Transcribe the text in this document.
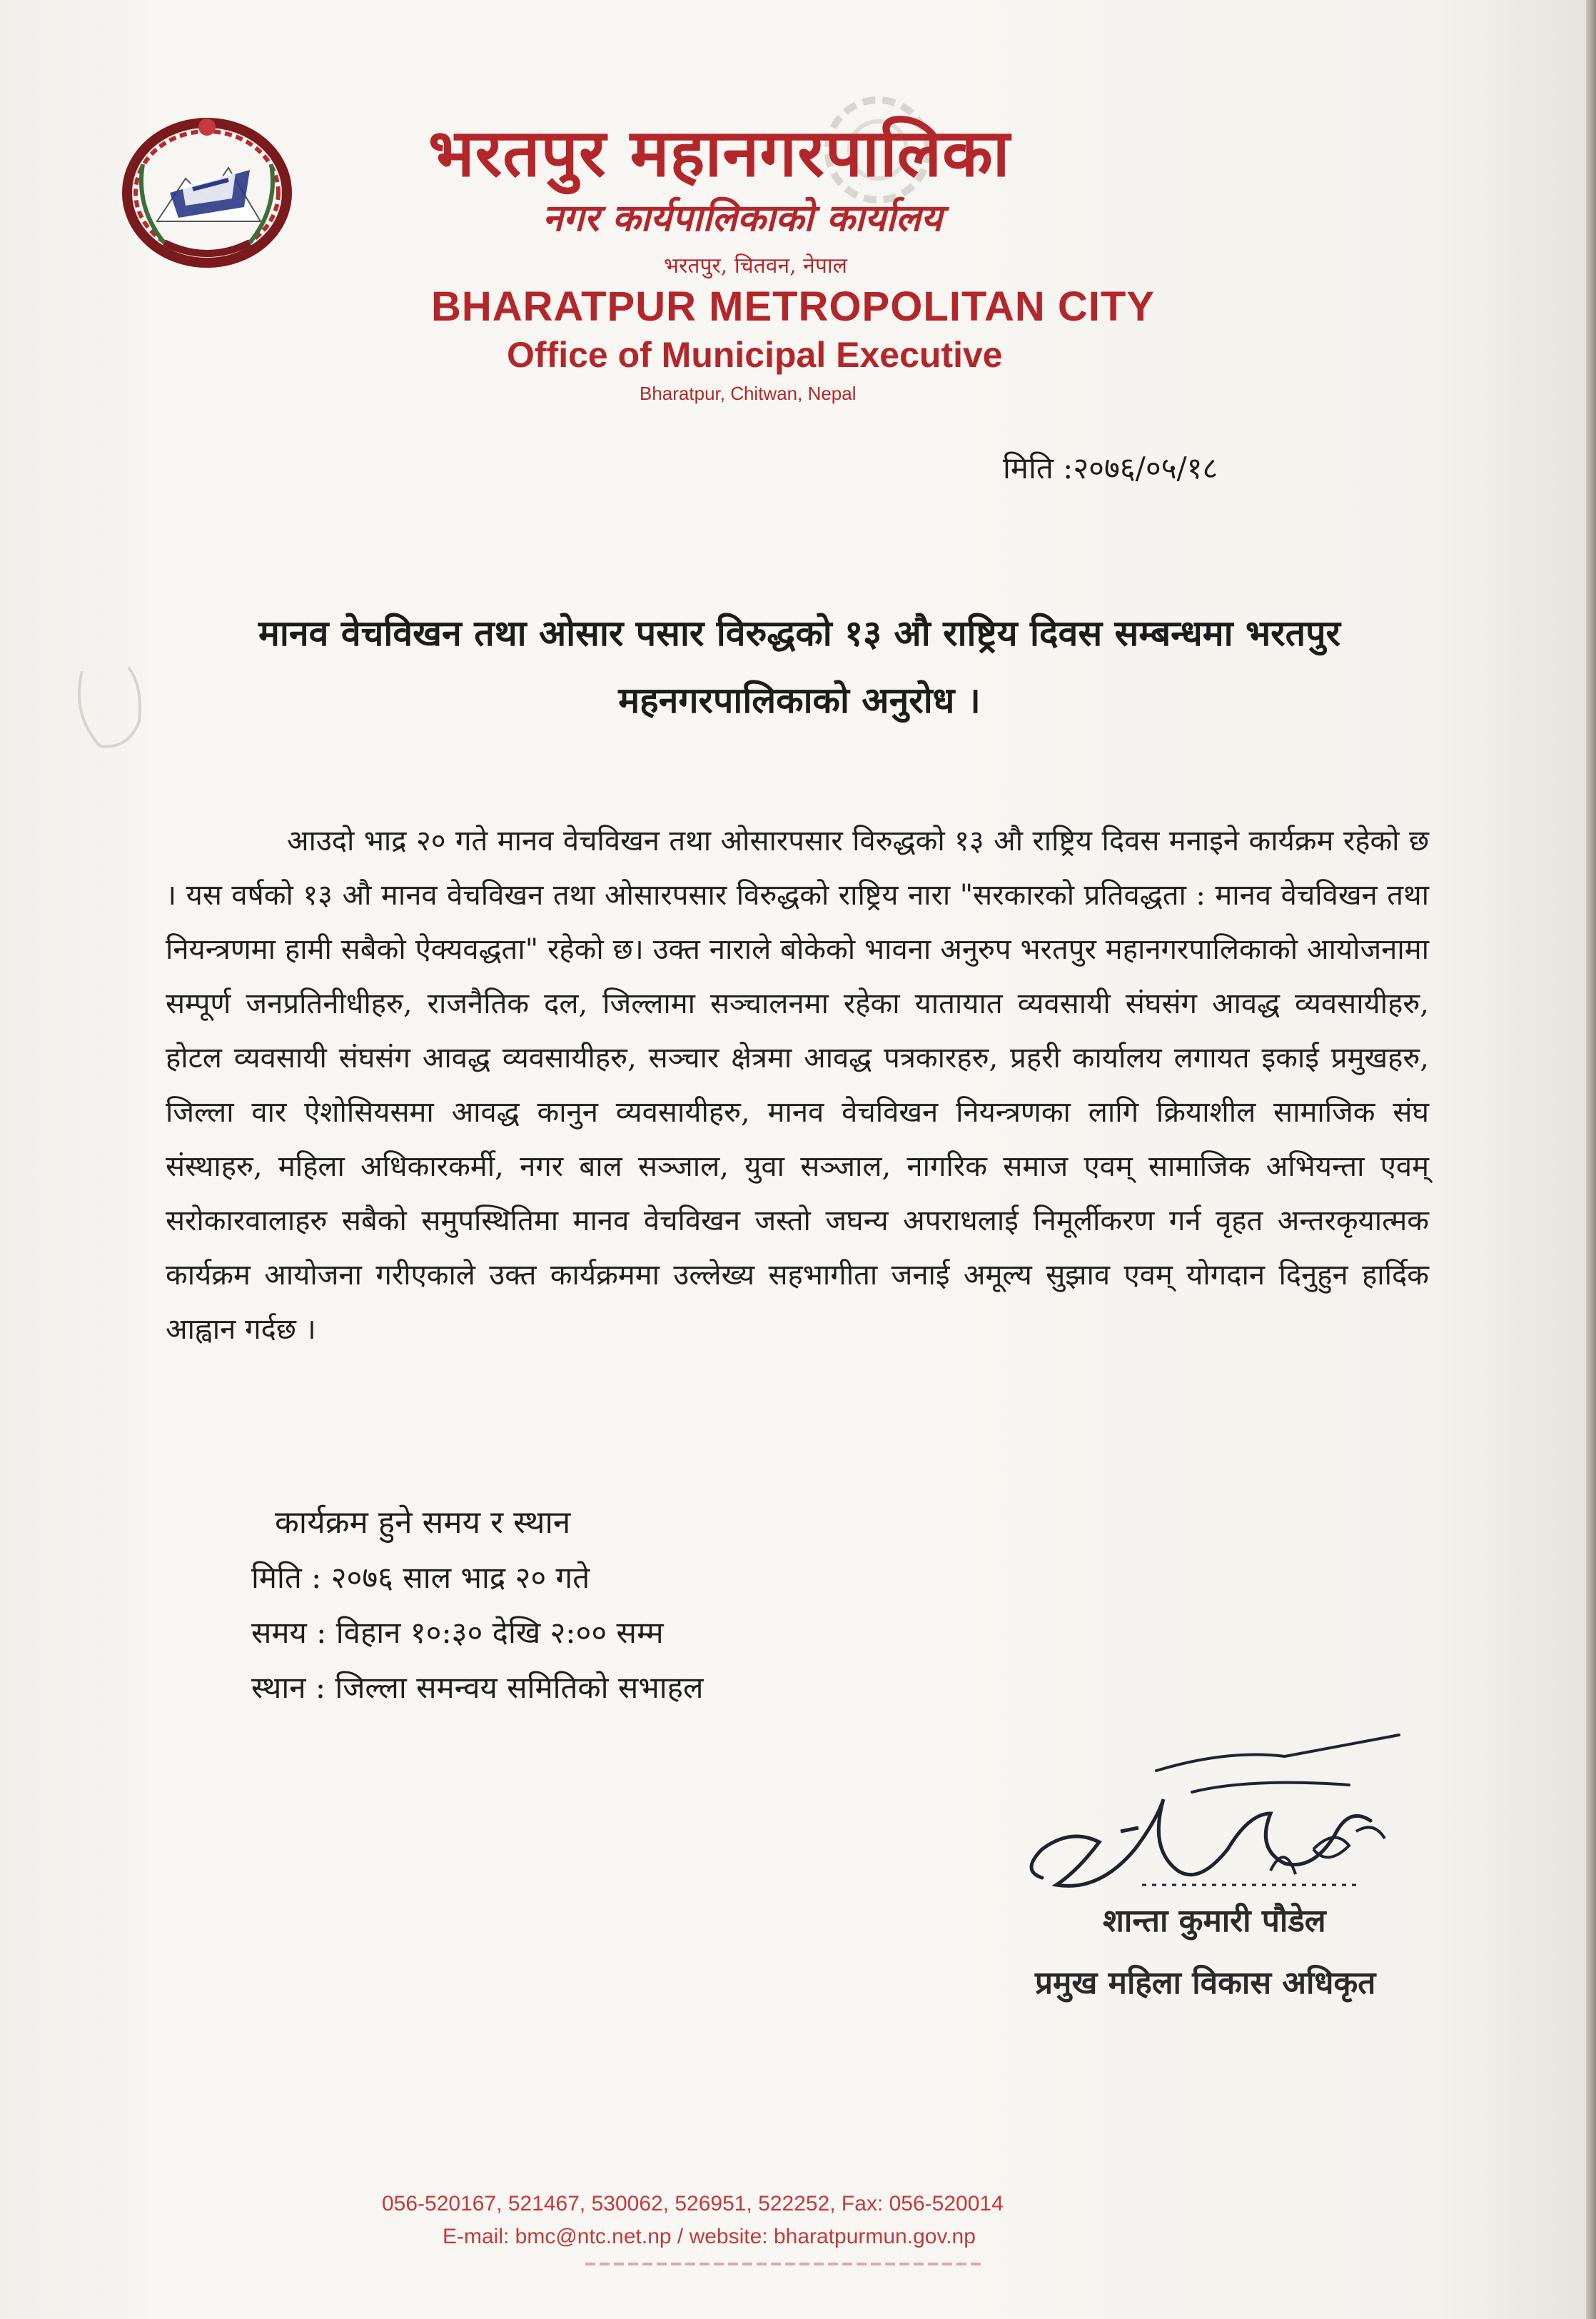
भरतपुर महानगरपालिका
नगर कार्यपालिकाको कार्यालय
भरतपुर, चितवन, नेपाल
BHARATPUR METROPOLITAN CITY
Office of Municipal Executive
Bharatpur, Chitwan, Nepal
मिति :२०७६/०५/१८
मानव वेचविखन तथा ओसार पसार विरुद्धको १३ औ राष्ट्रिय दिवस सम्बन्धमा भरतपुर महनगरपालिकाको अनुरोध ।
आउदो भाद्र २० गते मानव वेचविखन तथा ओसारपसार विरुद्धको १३ औ राष्ट्रिय दिवस मनाइने कार्यक्रम रहेको छ । यस वर्षको १३ औ मानव वेचविखन तथा ओसारपसार विरुद्धको राष्ट्रिय नारा "सरकारको प्रतिवद्धता : मानव वेचविखन तथा नियन्त्रणमा हामी सबैको ऐक्यवद्धता" रहेको छ। उक्त नाराले बोकेको भावना अनुरुप भरतपुर महानगरपालिकाको आयोजनामा सम्पूर्ण जनप्रतिनीधीहरु, राजनैतिक दल, जिल्लामा सञ्चालनमा रहेका यातायात व्यवसायी संघसंग आवद्ध व्यवसायीहरु, होटल व्यवसायी संघसंग आवद्ध व्यवसायीहरु, सञ्चार क्षेत्रमा आवद्ध पत्रकारहरु, प्रहरी कार्यालय लगायत इकाई प्रमुखहरु, जिल्ला वार ऐशोसियसमा आवद्ध कानुन व्यवसायीहरु, मानव वेचविखन नियन्त्रणका लागि क्रियाशील सामाजिक संघ संस्थाहरु, महिला अधिकारकर्मी, नगर बाल सञ्जाल, युवा सञ्जाल, नागरिक समाज एवम् सामाजिक अभियन्ता एवम् सरोकारवालाहरु सबैको समुपस्थितिमा मानव वेचविखन जस्तो जघन्य अपराधलाई निमूर्लीकरण गर्न वृहत अन्तरकृयात्मक कार्यक्रम आयोजना गरीएकाले उक्त कार्यक्रममा उल्लेख्य सहभागीता जनाई अमूल्य सुझाव एवम् योगदान दिनुहुन हार्दिक आह्वान गर्दछ ।
कार्यक्रम हुने समय र स्थान
मिति : २०७६ साल भाद्र २० गते
समय : विहान १०:३० देखि २:०० सम्म
स्थान : जिल्ला समन्वय समितिको सभाहल
शान्ता कुमारी पौडेल
प्रमुख महिला विकास अधिकृत
056-520167, 521467, 530062, 526951, 522252, Fax: 056-520014
E-mail: bmc@ntc.net.np / website: bharatpurmun.gov.np
